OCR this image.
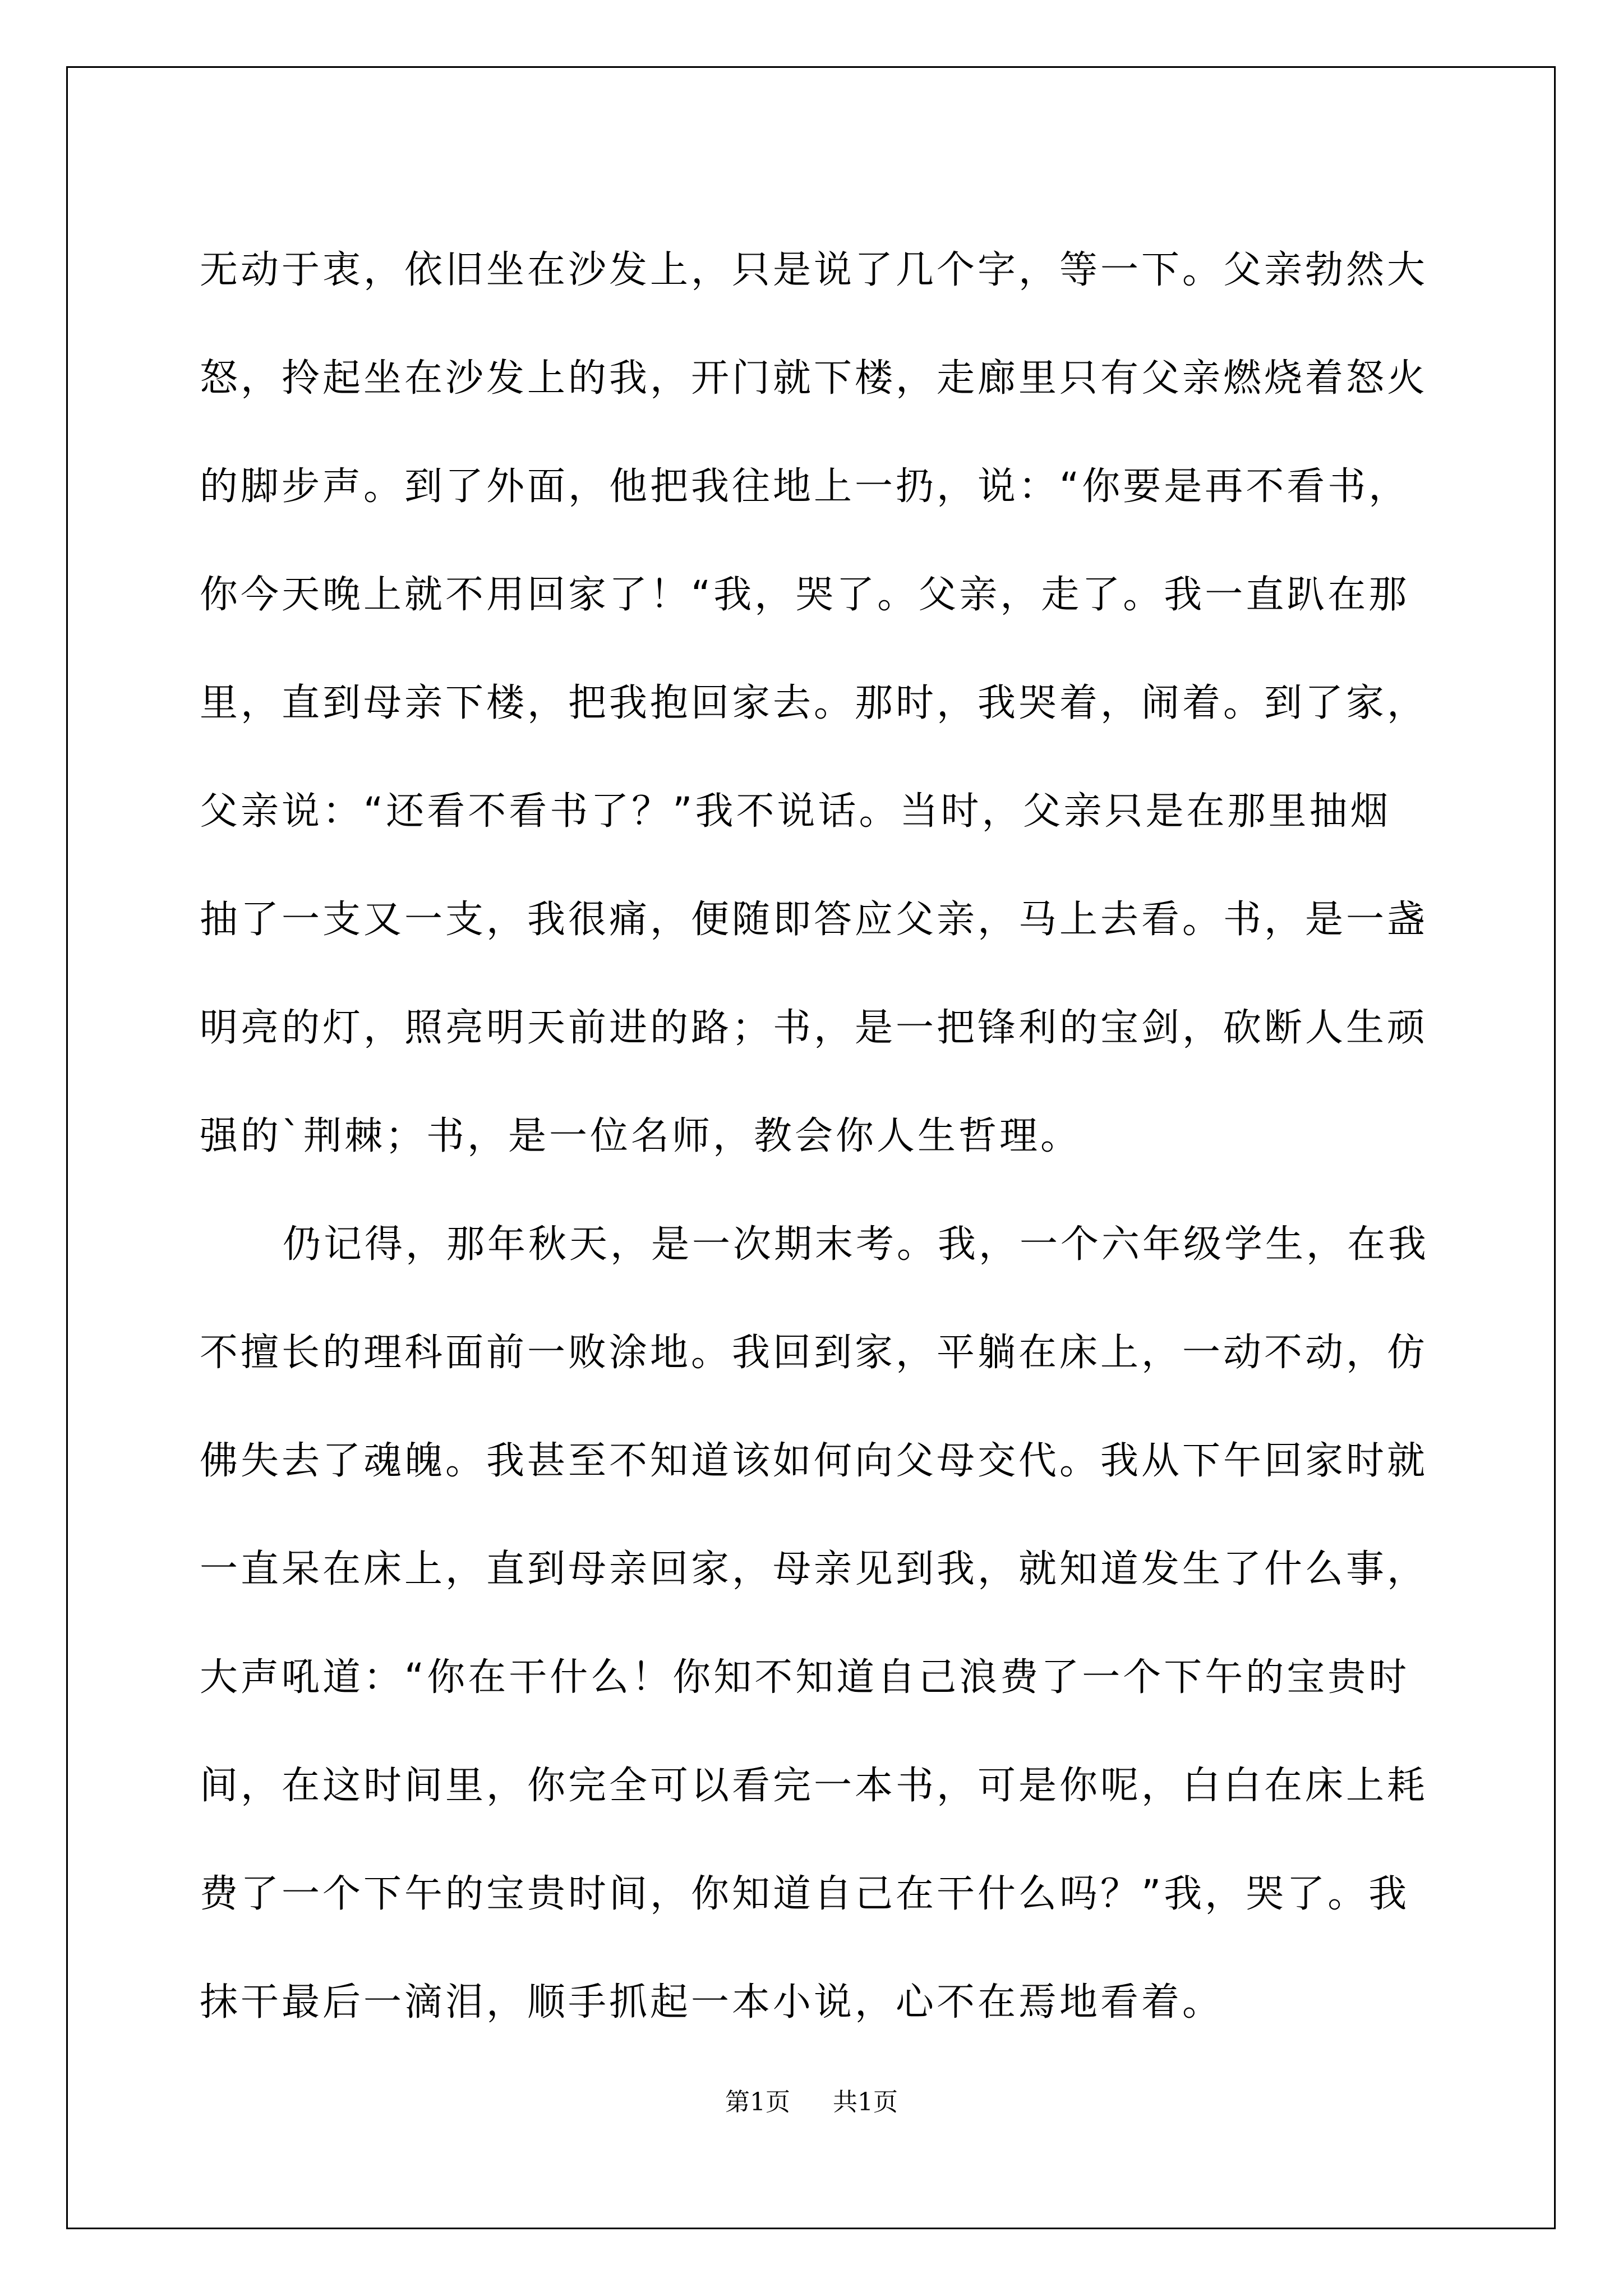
无动于衷，依旧坐在沙发上，只是说了几个字，等一下。父亲勃然大
怒，拎起坐在沙发上的我，开门就下楼，走廊里只有父亲燃烧着怒火
的脚步声。到了外面，他把我往地上一扔，说：“你要是再不看书，
你今天晚上就不用回家了！“我，哭了。父亲，走了。我一直趴在那
里，直到母亲下楼，把我抱回家去。那时，我哭着，闹着。到了家，
父亲说：“还看不看书了？”我不说话。当时，父亲只是在那里抽烟
抽了一支又一支，我很痛，便随即答应父亲，马上去看。书，是一盏
明亮的灯，照亮明天前进的路；书，是一把锋利的宝剑，砍断人生顽
强的`荆棘；书，是一位名师，教会你人生哲理。
仍记得，那年秋天，是一次期末考。我，一个六年级学生，在我
不擅长的理科面前一败涂地。我回到家，平躺在床上，一动不动，仿
佛失去了魂魄。我甚至不知道该如何向父母交代。我从下午回家时就
一直呆在床上，直到母亲回家，母亲见到我，就知道发生了什么事，
大声吼道：“你在干什么！你知不知道自己浪费了一个下午的宝贵时
间，在这时间里，你完全可以看完一本书，可是你呢，白白在床上耗
费了一个下午的宝贵时间，你知道自己在干什么吗？”我，哭了。我
抹干最后一滴泪，顺手抓起一本小说，心不在焉地看着。
第1页 共1页
